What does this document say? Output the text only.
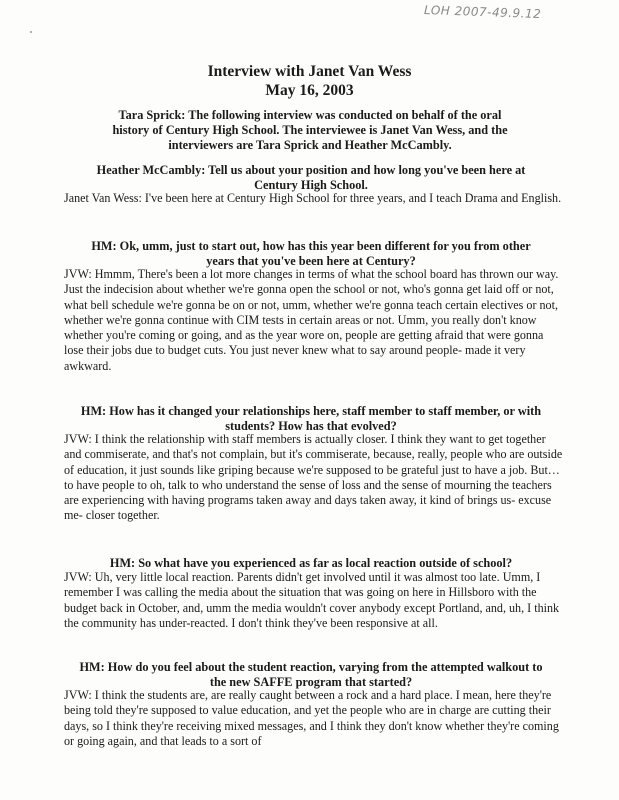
LOH 2007-49.9.12
Interview with Janet Van Wess
May 16, 2003
Tara Sprick: The following interview was conducted on behalf of the oral history of Century High School. The interviewee is Janet Van Wess, and the interviewers are Tara Sprick and Heather McCambly.
Heather McCambly: Tell us about your position and how long you've been here at Century High School.
Janet Van Wess: I've been here at Century High School for three years, and I teach Drama and English.
HM: Ok, umm, just to start out, how has this year been different for you from other years that you've been here at Century?
JVW: Hmmm, There's been a lot more changes in terms of what the school board has thrown our way. Just the indecision about whether we're gonna open the school or not, who's gonna get laid off or not, what bell schedule we're gonna be on or not, umm, whether we're gonna teach certain electives or not, whether we're gonna continue with CIM tests in certain areas or not. Umm, you really don't know whether you're coming or going, and as the year wore on, people are getting afraid that were gonna lose their jobs due to budget cuts. You just never knew what to say around people- made it very awkward.
HM: How has it changed your relationships here, staff member to staff member, or with students? How has that evolved?
JVW: I think the relationship with staff members is actually closer. I think they want to get together and commiserate, and that's not complain, but it's commiserate, because, really, people who are outside of education, it just sounds like griping because we're supposed to be grateful just to have a job. But… to have people to oh, talk to who understand the sense of loss and the sense of mourning the teachers are experiencing with having programs taken away and days taken away, it kind of brings us- excuse me- closer together.
HM: So what have you experienced as far as local reaction outside of school?
JVW: Uh, very little local reaction. Parents didn't get involved until it was almost too late. Umm, I remember I was calling the media about the situation that was going on here in Hillsboro with the budget back in October, and, umm the media wouldn't cover anybody except Portland, and, uh, I think the community has under-reacted. I don't think they've been responsive at all.
HM: How do you feel about the student reaction, varying from the attempted walkout to the new SAFFE program that started?
JVW: I think the students are, are really caught between a rock and a hard place. I mean, here they're being told they're supposed to value education, and yet the people who are in charge are cutting their days, so I think they're receiving mixed messages, and I think they don't know whether they're coming or going again, and that leads to a sort of
